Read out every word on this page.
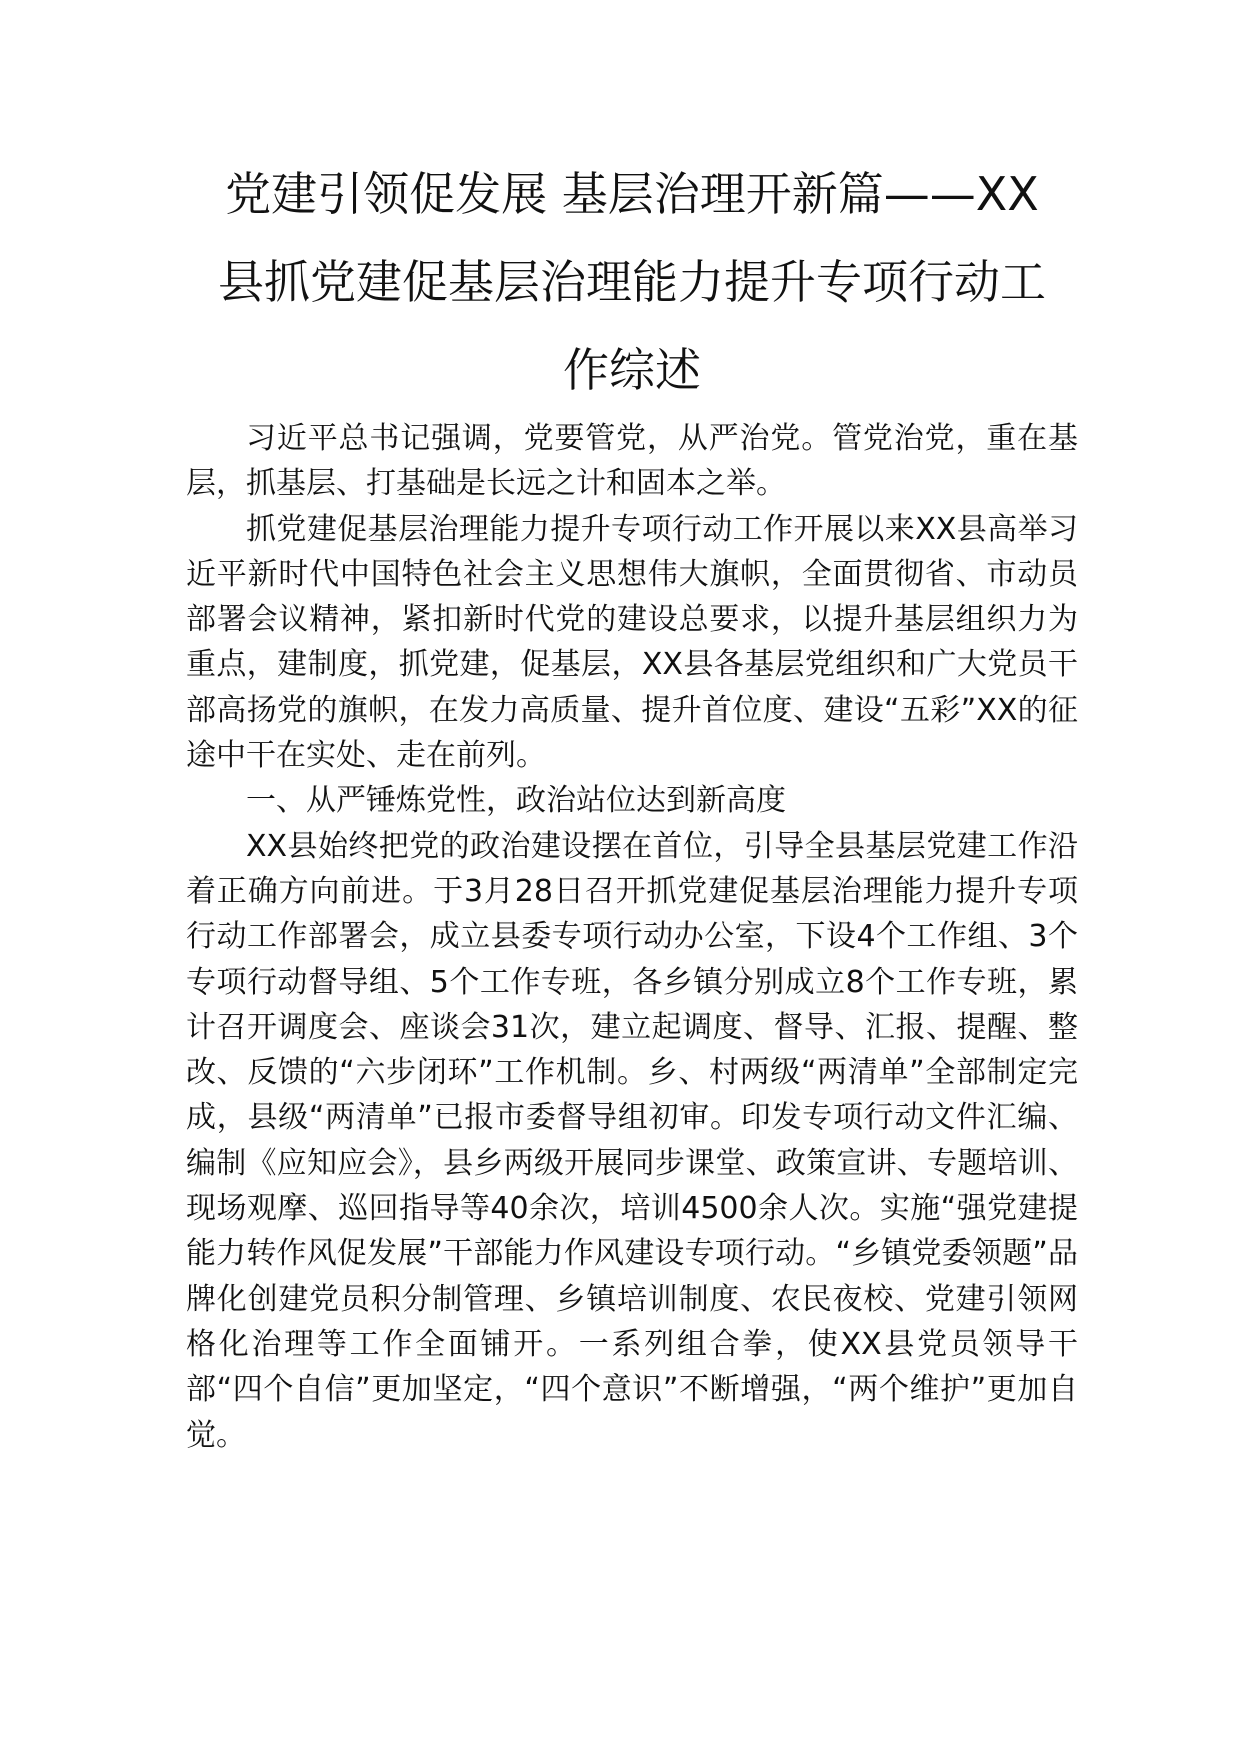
党建引领促发展 基层治理开新篇——XX
县抓党建促基层治理能力提升专项行动工
作综述

习近平总书记强调，党要管党，从严治党。管党治党，重在基层，抓基层、打基础是长远之计和固本之举。

抓党建促基层治理能力提升专项行动工作开展以来XX县高举习近平新时代中国特色社会主义思想伟大旗帜，全面贯彻省、市动员部署会议精神，紧扣新时代党的建设总要求，以提升基层组织力为重点，建制度，抓党建，促基层，XX县各基层党组织和广大党员干部高扬党的旗帜，在发力高质量、提升首位度、建设“五彩”XX的征途中干在实处、走在前列。

一、从严锤炼党性，政治站位达到新高度

XX县始终把党的政治建设摆在首位，引导全县基层党建工作沿着正确方向前进。于3月28日召开抓党建促基层治理能力提升专项行动工作部署会，成立县委专项行动办公室，下设4个工作组、3个专项行动督导组、5个工作专班，各乡镇分别成立8个工作专班，累计召开调度会、座谈会31次，建立起调度、督导、汇报、提醒、整改、反馈的“六步闭环”工作机制。乡、村两级“两清单”全部制定完成，县级“两清单”已报市委督导组初审。印发专项行动文件汇编、编制《应知应会》，县乡两级开展同步课堂、政策宣讲、专题培训、现场观摩、巡回指导等40余次，培训4500余人次。实施“强党建提能力转作风促发展”干部能力作风建设专项行动。“乡镇党委领题”品牌化创建党员积分制管理、乡镇培训制度、农民夜校、党建引领网格化治理等工作全面铺开。一系列组合拳，使XX县党员领导干部“四个自信”更加坚定，“四个意识”不断增强，“两个维护”更加自觉。
